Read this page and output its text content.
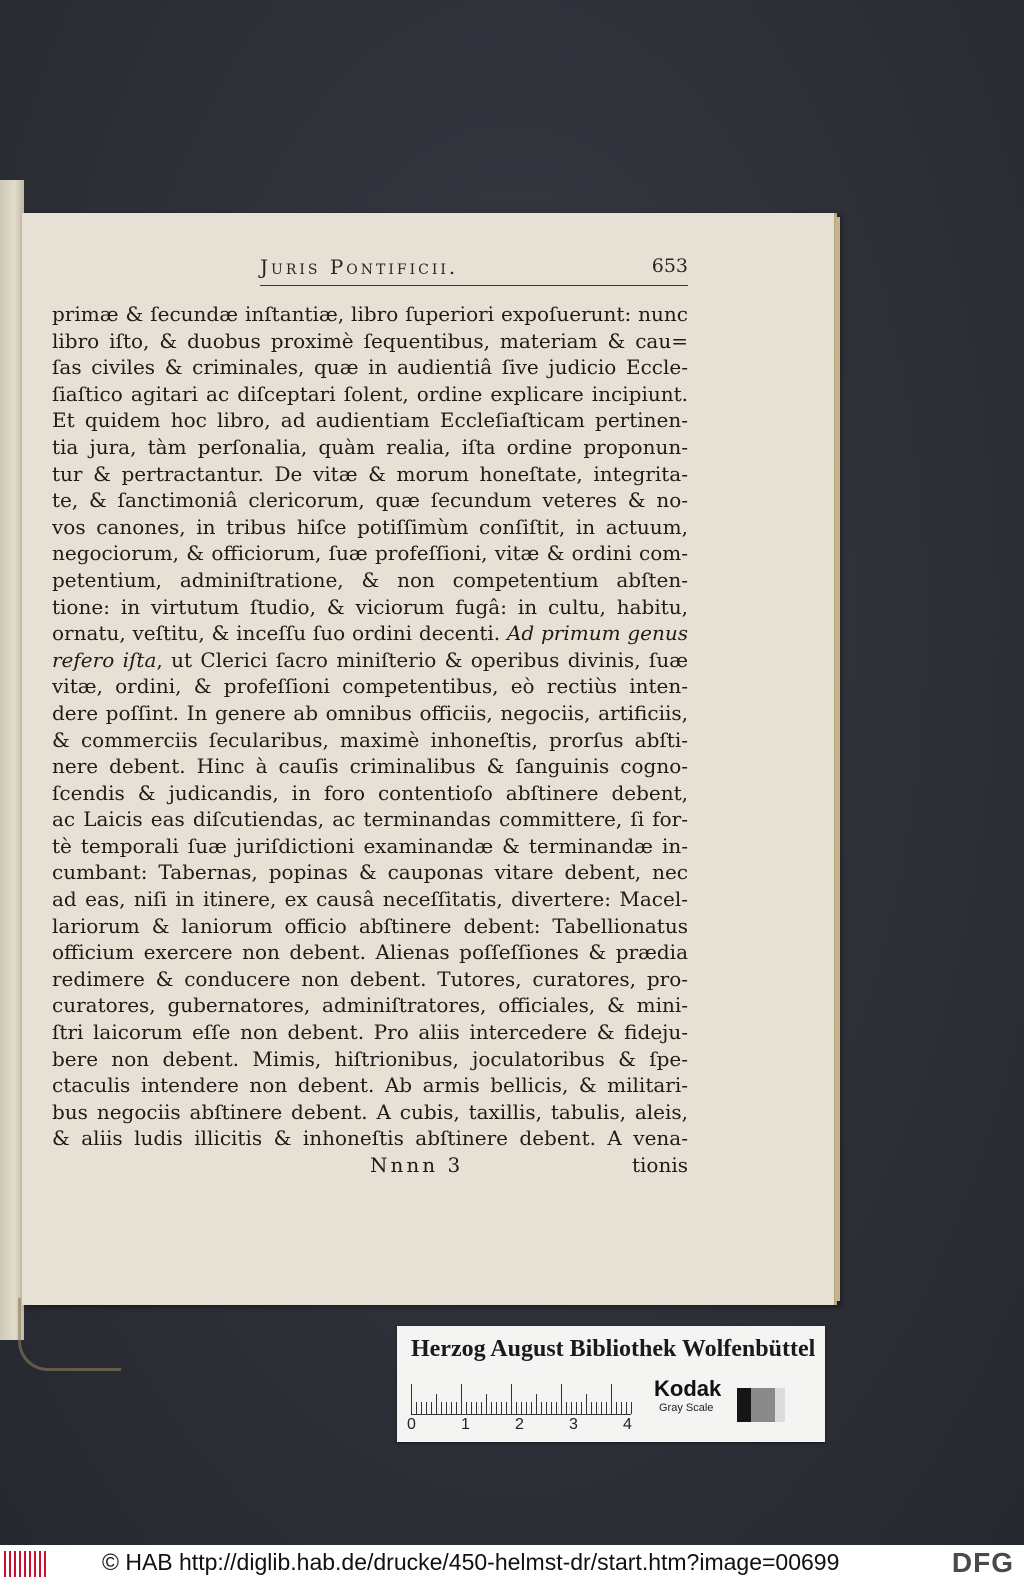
Juris Pontificii.	653
primæ & ſecundæ inſtantiæ, libro ſuperiori expoſuerunt: nunc
libro iſto, & duobus proximè ſequentibus, materiam & cau=
ſas civiles & criminales, quæ in audientiâ ſive judicio Eccle-
ſiaſtico agitari ac diſceptari ſolent, ordine explicare incipiunt.
Et quidem hoc libro, ad audientiam Eccleſiaſticam pertinen-
tia jura, tàm perſonalia, quàm realia, iſta ordine proponun-
tur & pertractantur. De vitæ & morum honeſtate, integrita-
te, & ſanctimoniâ clericorum, quæ ſecundum veteres & no-
vos canones, in tribus hiſce potiſſimùm conſiſtit, in actuum,
negociorum, & officiorum, ſuæ profeſſioni, vitæ & ordini com-
petentium, adminiſtratione, & non competentium abſten-
tione: in virtutum ſtudio, & viciorum fugâ: in cultu, habitu,
ornatu, veſtitu, & inceſſu ſuo ordini decenti. Ad primum genus
refero iſta, ut Clerici ſacro miniſterio & operibus divinis, ſuæ
vitæ, ordini, & profeſſioni competentibus, eò rectiùs inten-
dere poſſint. In genere ab omnibus officiis, negociis, artificiis,
& commerciis ſecularibus, maximè inhoneſtis, prorſus abſti-
nere debent. Hinc à cauſis criminalibus & ſanguinis cogno-
ſcendis & judicandis, in foro contentioſo abſtinere debent,
ac Laicis eas diſcutiendas, ac terminandas committere, ſi for-
tè temporali ſuæ juriſdictioni examinandæ & terminandæ in-
cumbant: Tabernas, popinas & cauponas vitare debent, nec
ad eas, niſi in itinere, ex causâ neceſſitatis, divertere: Macel-
lariorum & laniorum officio abſtinere debent: Tabellionatus
officium exercere non debent. Alienas poſſeſſiones & prædia
redimere & conducere non debent. Tutores, curatores, pro-
curatores, gubernatores, adminiſtratores, officiales, & mini-
ſtri laicorum eſſe non debent. Pro aliis intercedere & fideju-
bere non debent. Mimis, hiſtrionibus, joculatoribus & ſpe-
ctaculis intendere non debent. Ab armis bellicis, & militari-
bus negociis abſtinere debent. A cubis, taxillis, tabulis, aleis,
& aliis ludis illicitis & inhoneſtis abſtinere debent. A vena-
Nnnn 3	tionis
Herzog August Bibliothek Wolfenbüttel
0	1	2	3	4
Kodak
Gray Scale
© HAB http://diglib.hab.de/drucke/450-helmst-dr/start.htm?image=00699	DFG
